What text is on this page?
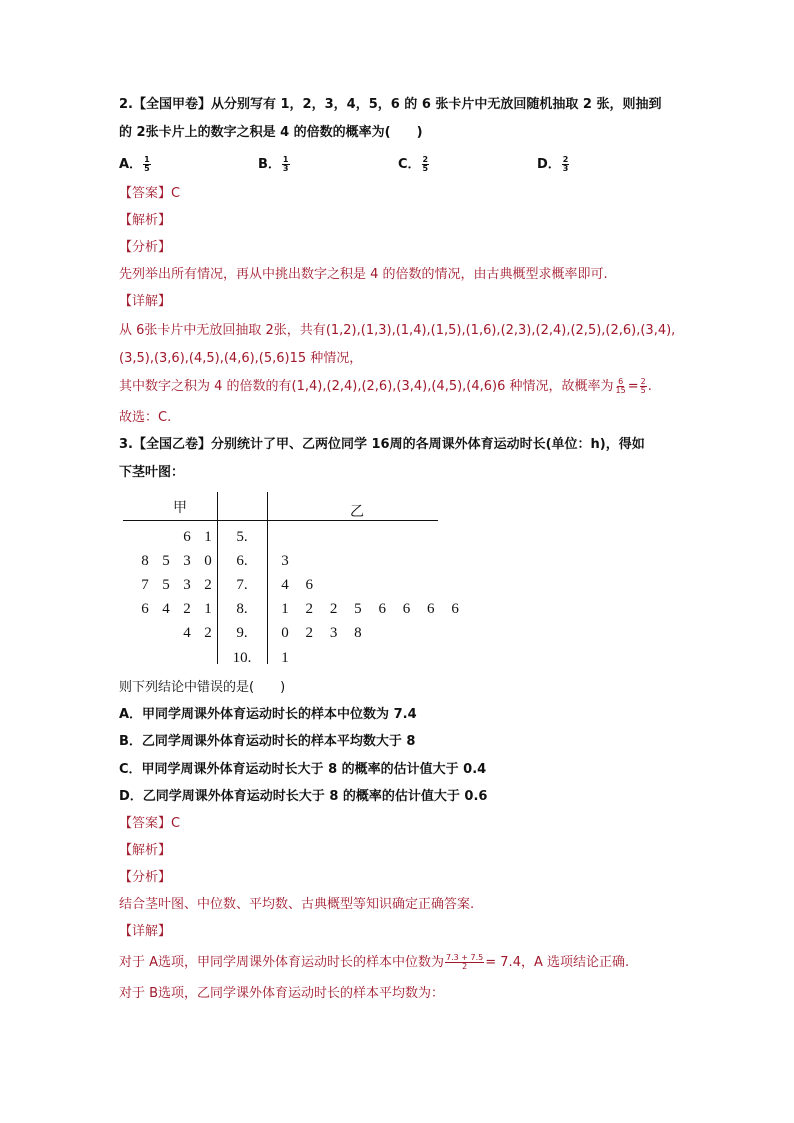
2.【全国甲卷】从分别写有 1，2，3，4，5，6 的 6 张卡片中无放回随机抽取 2 张，则抽到
的 2张卡片上的数字之积是 4 的倍数的概率为(　　)
A． $\frac{1}{5}$	B． $\frac{1}{3}$	C． $\frac{2}{5}$	D． $\frac{2}{3}$
【答案】C
【解析】
【分析】
先列举出所有情况，再从中挑出数字之积是 4 的倍数的情况，由古典概型求概率即可.
【详解】
从 6张卡片中无放回抽取 2张，共有(1,2),(1,3),(1,4),(1,5),(1,6),(2,3),(2,4),(2,5),(2,6),(3,4),
(3,5),(3,6),(4,5),(4,6),(5,6)15 种情况，
其中数字之积为 4 的倍数的有(1,4),(2,4),(2,6),(3,4),(4,5),(4,6)6 种情况，故概率为 $\frac{6}{15} = \frac{2}{5}$ .
故选：C.
3.【全国乙卷】分别统计了甲、乙两位同学 16周的各周课外体育运动时长(单位：h)，得如
下茎叶图：
甲	乙
6 1	5.
8 5 3 0	6.	3
7 5 3 2	7.	4	6
6 4 2 1	8.	1	2	2	5	6	6	6	6
4 2	9.	0	2	3	8
10.	1
则下列结论中错误的是(　　)
A．甲同学周课外体育运动时长的样本中位数为 7.4
B．乙同学周课外体育运动时长的样本平均数大于 8
C．甲同学周课外体育运动时长大于 8 的概率的估计值大于 0.4
D．乙同学周课外体育运动时长大于 8 的概率的估计值大于 0.6
【答案】C
【解析】
【分析】
结合茎叶图、中位数、平均数、古典概型等知识确定正确答案.
【详解】
对于 A选项，甲同学周课外体育运动时长的样本中位数为 $\frac{7.3 + 7.5}{2} = 7.4$，A 选项结论正确.
对于 B选项，乙同学课外体育运动时长的样本平均数为：
